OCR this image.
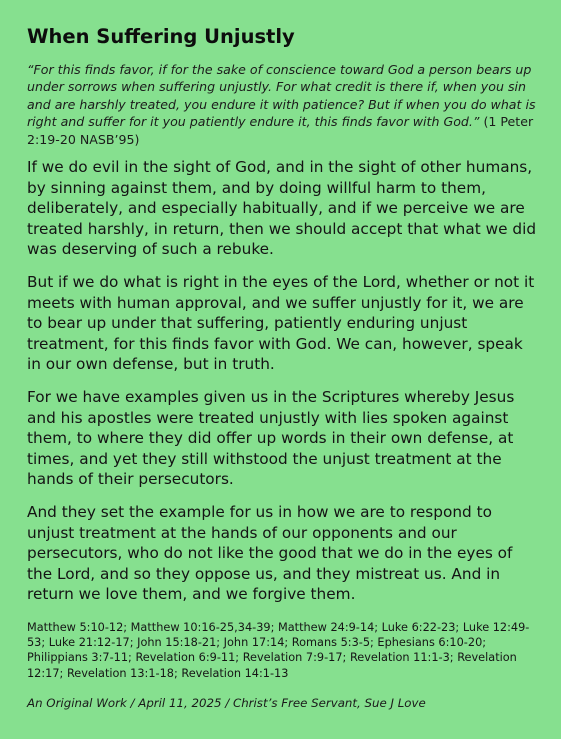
When Suffering Unjustly

“For this finds favor, if for the sake of conscience toward God a person bears up under sorrows when suffering unjustly. For what credit is there if, when you sin and are harshly treated, you endure it with patience? But if when you do what is right and suffer for it you patiently endure it, this finds favor with God.” (1 Peter 2:19-20 NASB’95)

If we do evil in the sight of God, and in the sight of other humans, by sinning against them, and by doing willful harm to them, deliberately, and especially habitually, and if we perceive we are treated harshly, in return, then we should accept that what we did was deserving of such a rebuke.

But if we do what is right in the eyes of the Lord, whether or not it meets with human approval, and we suffer unjustly for it, we are to bear up under that suffering, patiently enduring unjust treatment, for this finds favor with God. We can, however, speak in our own defense, but in truth.

For we have examples given us in the Scriptures whereby Jesus and his apostles were treated unjustly with lies spoken against them, to where they did offer up words in their own defense, at times, and yet they still withstood the unjust treatment at the hands of their persecutors.

And they set the example for us in how we are to respond to unjust treatment at the hands of our opponents and our persecutors, who do not like the good that we do in the eyes of the Lord, and so they oppose us, and they mistreat us. And in return we love them, and we forgive them.

Matthew 5:10-12; Matthew 10:16-25,34-39; Matthew 24:9-14; Luke 6:22-23; Luke 12:49-53; Luke 21:12-17; John 15:18-21; John 17:14; Romans 5:3-5; Ephesians 6:10-20; Philippians 3:7-11; Revelation 6:9-11; Revelation 7:9-17; Revelation 11:1-3; Revelation 12:17; Revelation 13:1-18; Revelation 14:1-13

An Original Work / April 11, 2025 / Christ’s Free Servant, Sue J Love
